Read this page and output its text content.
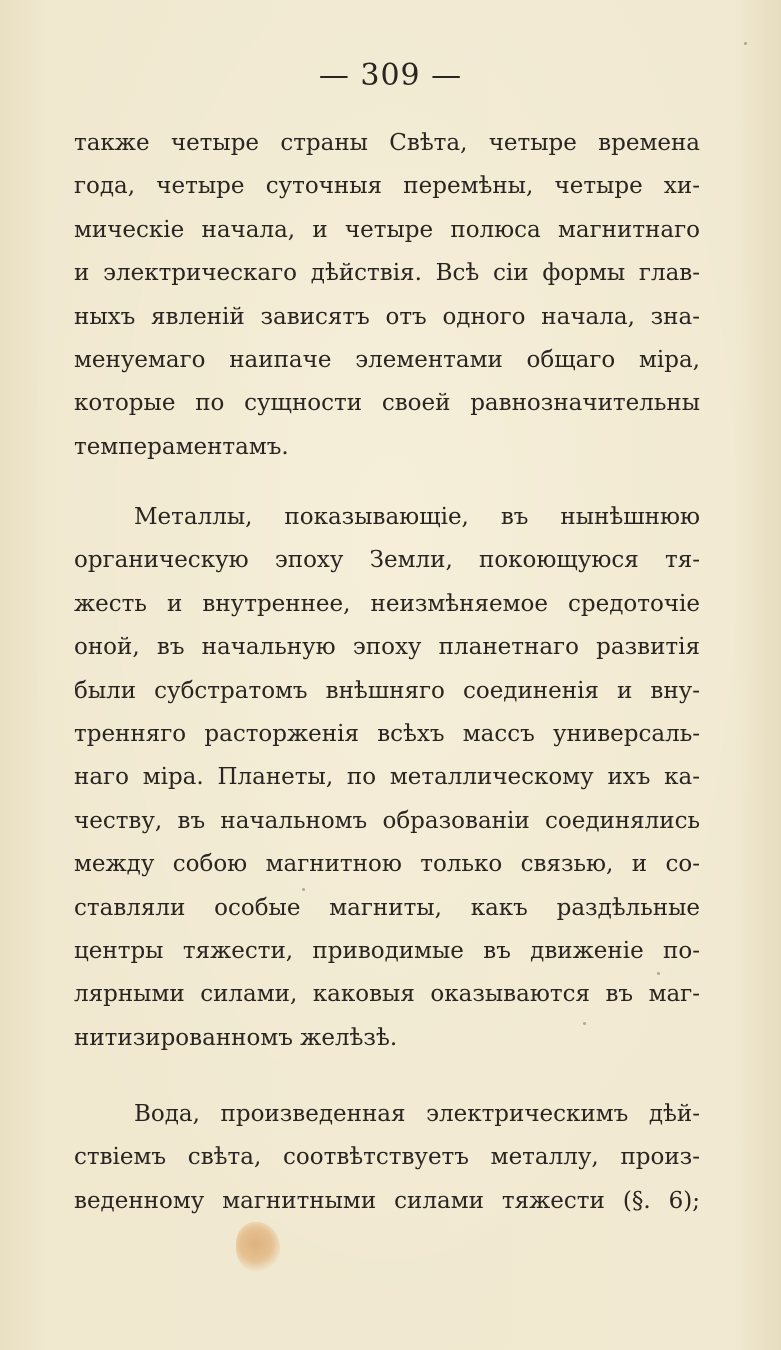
— 309 —
также четыре страны Свѣта, четыре времена
года, четыре суточныя перемѣны, четыре хи-
мическіе начала, и четыре полюса магнитнаго
и электрическаго дѣйствія. Всѣ сіи формы глав-
ныхъ явленій зависятъ отъ одного начала, зна-
менуемаго наипаче элементами общаго міра,
которые по сущности своей равнозначительны
темпераментамъ.
Металлы, показывающіе, въ нынѣшнюю
органическую эпоху Земли, покоющуюся тя-
жесть и внутреннее, неизмѣняемое средоточіе
оной, въ начальную эпоху планетнаго развитія
были субстратомъ внѣшняго соединенія и вну-
тренняго расторженія всѣхъ массъ универсаль-
наго міра. Планеты, по металлическому ихъ ка-
честву, въ начальномъ образованіи соединялись
между собою магнитною только связью, и со-
ставляли особые магниты, какъ раздѣльные
центры тяжести, приводимые въ движеніе по-
лярными силами, каковыя оказываются въ маг-
нитизированномъ желѣзѣ.
Вода, произведенная электрическимъ дѣй-
ствіемъ свѣта, соотвѣтствуетъ металлу, произ-
веденному магнитными силами тяжести (§. 6);
